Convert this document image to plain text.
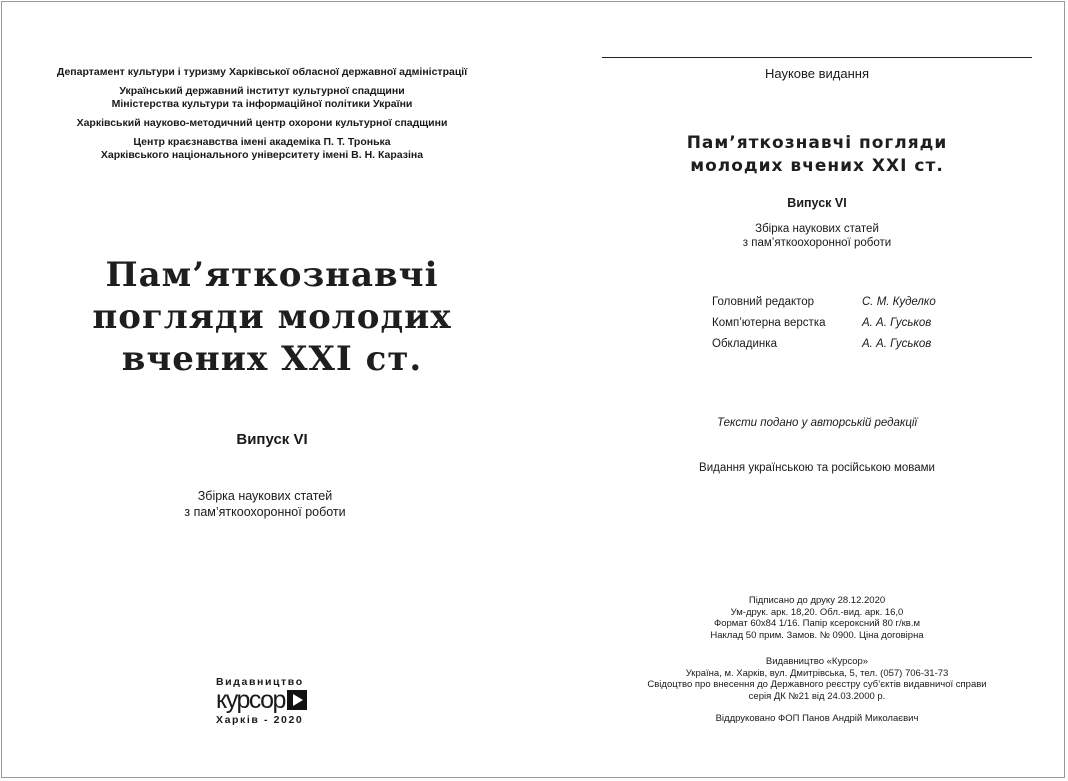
Департамент культури і туризму Харківської обласної державної адміністрації
Український державний інститут культурної спадщини
Міністерства культури та інформаційної політики України
Харківський науково-методичний центр охорони культурної спадщини
Центр краєзнавства імені академіка П. Т. Тронька
Харківського національного університету імені В. Н. Каразіна
Пам’яткознавчі
погляди молодих
вчених ХХІ ст.
Випуск VI
Збірка наукових статей
з пам’яткоохоронної роботи
Видавництво
курсор
Харків - 2020
Наукове видання
Пам’яткознавчі погляди
молодих вчених ХХІ ст.
Випуск VI
Збірка наукових статей
з пам’яткоохоронної роботи
Головний редактор	С. М. Куделко
Комп’ютерна верстка	А. А. Гуськов
Обкладинка	А. А. Гуськов
Тексти подано у авторській редакції
Видання українською та російською мовами
Підписано до друку 28.12.2020
Ум-друк. арк. 18,20. Обл.-вид. арк. 16,0
Формат 60х84 1/16. Папір ксероксний 80 г/кв.м
Наклад 50 прим. Замов. № 0900. Ціна договірна
Видавництво «Курсор»
Україна, м. Харків, вул. Дмитрівська, 5, тел. (057) 706-31-73
Свідоцтво про внесення до Державного реєстру суб’єктів видавничої справи
серія ДК №21 від 24.03.2000 р.
Віддруковано ФОП Панов Андрій Миколаєвич
